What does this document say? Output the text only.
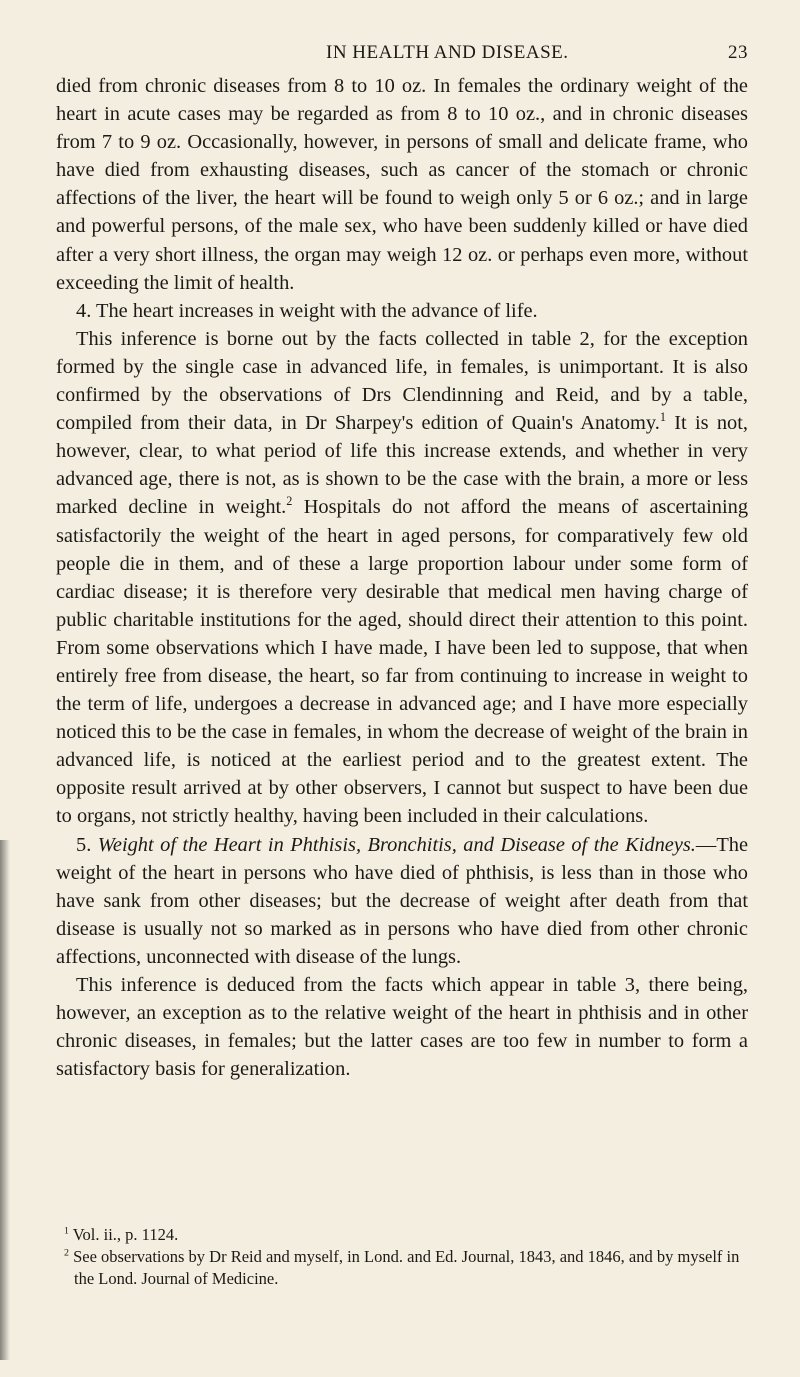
IN HEALTH AND DISEASE.	23

died from chronic diseases from 8 to 10 oz. In females the ordinary weight of the heart in acute cases may be regarded as from 8 to 10 oz., and in chronic diseases from 7 to 9 oz. Occasionally, however, in persons of small and delicate frame, who have died from exhausting diseases, such as cancer of the stomach or chronic affections of the liver, the heart will be found to weigh only 5 or 6 oz.; and in large and powerful persons, of the male sex, who have been suddenly killed or have died after a very short illness, the organ may weigh 12 oz. or perhaps even more, without exceeding the limit of health.

4. The heart increases in weight with the advance of life.

This inference is borne out by the facts collected in table 2, for the exception formed by the single case in advanced life, in females, is unimportant. It is also confirmed by the observations of Drs Clendinning and Reid, and by a table, compiled from their data, in Dr Sharpey's edition of Quain's Anatomy.$^1$ It is not, however, clear, to what period of life this increase extends, and whether in very advanced age, there is not, as is shown to be the case with the brain, a more or less marked decline in weight.$^2$ Hospitals do not afford the means of ascertaining satisfactorily the weight of the heart in aged persons, for comparatively few old people die in them, and of these a large proportion labour under some form of cardiac disease; it is therefore very desirable that medical men having charge of public charitable institutions for the aged, should direct their attention to this point. From some observations which I have made, I have been led to suppose, that when entirely free from disease, the heart, so far from continuing to increase in weight to the term of life, undergoes a decrease in advanced age; and I have more especially noticed this to be the case in females, in whom the decrease of weight of the brain in advanced life, is noticed at the earliest period and to the greatest extent. The opposite result arrived at by other observers, I cannot but suspect to have been due to organs, not strictly healthy, having been included in their calculations.

5. Weight of the Heart in Phthisis, Bronchitis, and Disease of the Kidneys.—The weight of the heart in persons who have died of phthisis, is less than in those who have sank from other diseases; but the decrease of weight after death from that disease is usually not so marked as in persons who have died from other chronic affections, unconnected with disease of the lungs.

This inference is deduced from the facts which appear in table 3, there being, however, an exception as to the relative weight of the heart in phthisis and in other chronic diseases, in females; but the latter cases are too few in number to form a satisfactory basis for generalization.

$^1$ Vol. ii., p. 1124.

$^2$ See observations by Dr Reid and myself, in Lond. and Ed. Journal, 1843, and 1846, and by myself in the Lond. Journal of Medicine.
